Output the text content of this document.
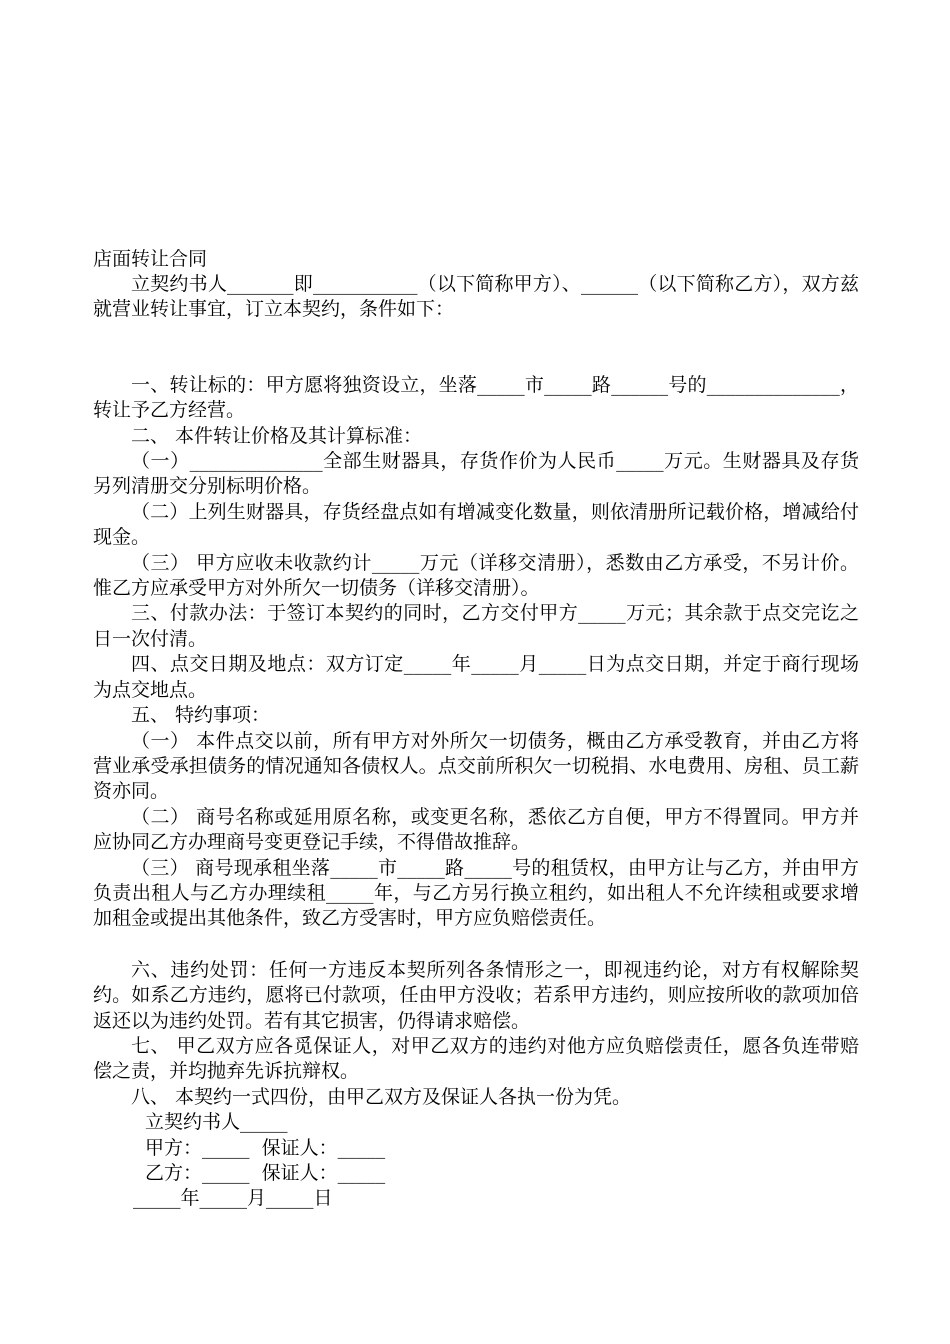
店面转让合同

立契约书人_______即___________（以下简称甲方）、______（以下简称乙方），双方兹就营业转让事宜，订立本契约，条件如下：

一、转让标的：甲方愿将独资设立，坐落_____市_____路______号的______________，转让予乙方经营。

二、 本件转让价格及其计算标准：

（一）______________全部生财器具，存货作价为人民币_____万元。生财器具及存货另列清册交分别标明价格。

（二）上列生财器具，存货经盘点如有增减变化数量，则依清册所记载价格，增减给付现金。

（三） 甲方应收未收款约计_____万元（详移交清册），悉数由乙方承受，不另计价。惟乙方应承受甲方对外所欠一切债务（详移交清册）。

三、付款办法：于签订本契约的同时，乙方交付甲方_____万元；其余款于点交完讫之日一次付清。

四、点交日期及地点：双方订定_____年_____月_____日为点交日期，并定于商行现场为点交地点。

五、 特约事项：

（一） 本件点交以前，所有甲方对外所欠一切债务，概由乙方承受教育，并由乙方将营业承受承担债务的情况通知各债权人。点交前所积欠一切税捐、水电费用、房租、员工薪资亦同。

（二） 商号名称或延用原名称，或变更名称，悉依乙方自便，甲方不得置同。甲方并应协同乙方办理商号变更登记手续，不得借故推辞。

（三） 商号现承租坐落_____市_____路_____号的租赁权，由甲方让与乙方，并由甲方负责出租人与乙方办理续租_____年，与乙方另行换立租约，如出租人不允许续租或要求增加租金或提出其他条件，致乙方受害时，甲方应负赔偿责任。

六、违约处罚：任何一方违反本契所列各条情形之一，即视违约论，对方有权解除契约。如系乙方违约，愿将已付款项，任由甲方没收；若系甲方违约，则应按所收的款项加倍返还以为违约处罚。若有其它损害，仍得请求赔偿。

七、 甲乙双方应各觅保证人，对甲乙双方的违约对他方应负赔偿责任，愿各负连带赔偿之责，并均抛弃先诉抗辩权。

八、 本契约一式四份，由甲乙双方及保证人各执一份为凭。

立契约书人_____
甲方：_____  保证人：_____
乙方：_____  保证人：_____
_____年_____月_____日
